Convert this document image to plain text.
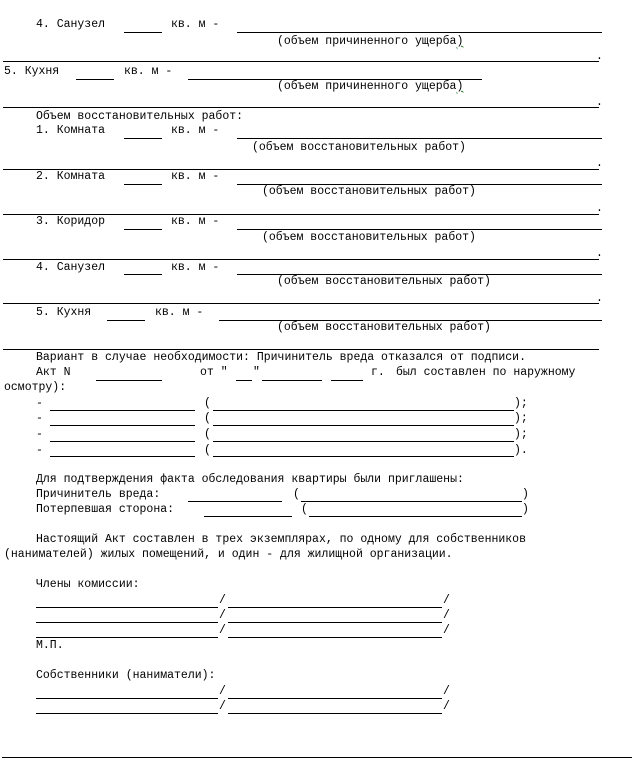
4. Санузел	кв. м -
(объем причиненного ущерба)
.
5. Кухня	кв. м -
(объем причиненного ущерба)
.
Объем восстановительных работ:
1. Комната	кв. м -
(объем восстановительных работ)
.
2. Комната	кв. м -
(объем восстановительных работ)
.
3. Коридор	кв. м -
(объем восстановительных работ)
.
4. Санузел	кв. м -
(объем восстановительных работ)
.
5. Кухня	кв. м -
(объем восстановительных работ)
Вариант в случае необходимости: Причинитель вреда отказался от подписи.
Акт N	от " "	г. был составлен по наружному
осмотру):
-	(	);
-	(	);
-	(	);
-	(	).
Для подтверждения факта обследования квартиры были приглашены:
Причинитель вреда:	(	)
Потерпевшая сторона:	(	)
Настоящий Акт составлен в трех экземплярах, по одному для собственников
(нанимателей) жилых помещений, и один - для жилищной организации.
Члены комиссии:
/	/
/	/
/	/
М.П.
Собственники (наниматели):
/	/
/	/
